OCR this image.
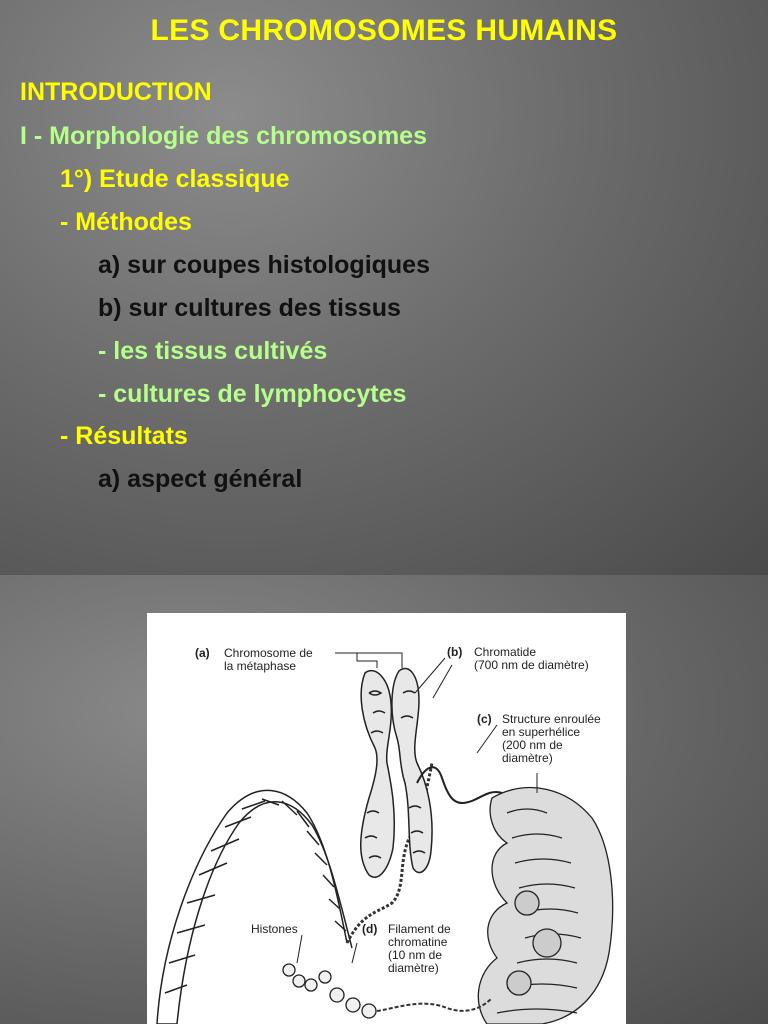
LES CHROMOSOMES HUMAINS
INTRODUCTION
I - Morphologie des chromosomes
1°) Etude classique
- Méthodes
a) sur coupes histologiques
b) sur cultures des tissus
- les tissus cultivés
- cultures de lymphocytes
- Résultats
a) aspect général
(a) Chromosome de
la métaphase
(b) Chromatide
(700 nm de diamètre)
(c) Structure enroulée
en superhélice
(200 nm de
diamètre)
Histones	(d) Filament de
chromatine
(10 nm de
diamètre)
